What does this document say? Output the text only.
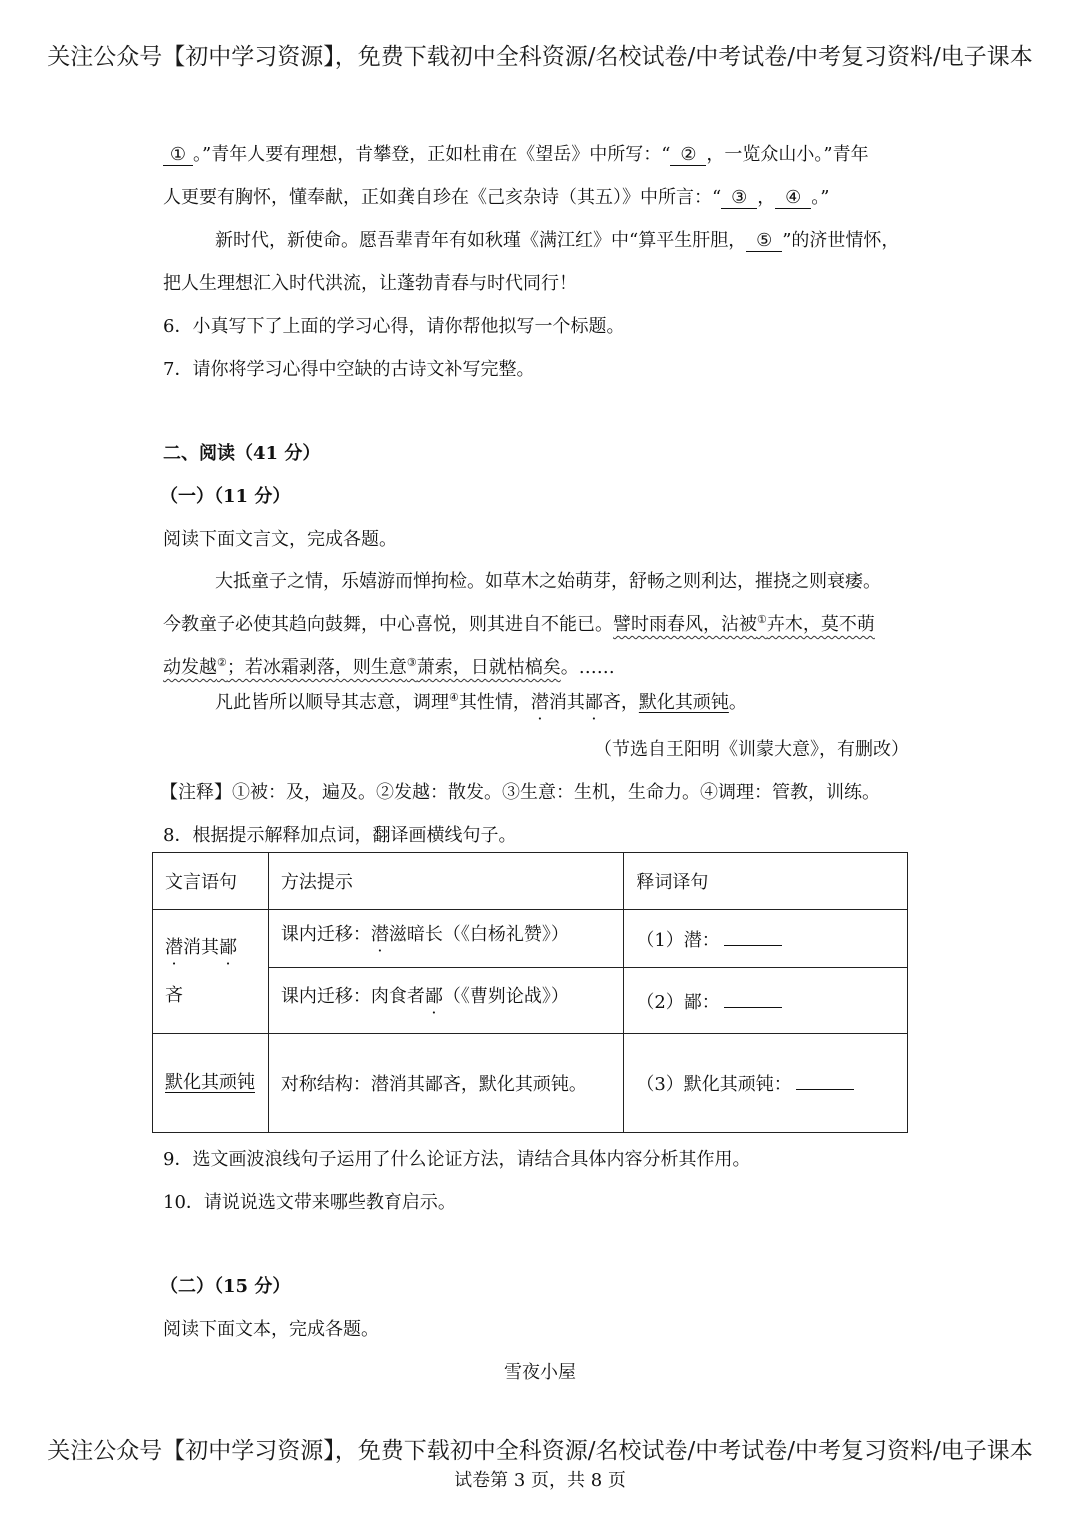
关注公众号【初中学习资源】，免费下载初中全科资源/名校试卷/中考试卷/中考复习资料/电子课本
① 。”青年人要有理想，肯攀登，正如杜甫在《望岳》中所写：“ ② ，一览众山小。”青年
人更要有胸怀，懂奉献，正如龚自珍在《己亥杂诗（其五）》中所言：“ ③ ， ④ 。”
新时代，新使命。愿吾辈青年有如秋瑾《满江红》中“算平生肝胆， ⑤ ”的济世情怀，
把人生理想汇入时代洪流，让蓬勃青春与时代同行！
6．小真写下了上面的学习心得，请你帮他拟写一个标题。
7．请你将学习心得中空缺的古诗文补写完整。
二、阅读（41 分）
（一）（11 分）
阅读下面文言文，完成各题。
大抵童子之情，乐嬉游而惮拘检。如草木之始萌芽，舒畅之则利达，摧挠之则衰痿。
今教童子必使其趋向鼓舞，中心喜悦，则其进自不能已。譬时雨春风，沾被①卉木，莫不萌
动发越②；若冰霜剥落，则生意③萧索，日就枯槁矣。……
凡此皆所以顺导其志意，调理④其性情，潜消其鄙吝，默化其顽钝。
（节选自王阳明《训蒙大意》，有删改）
【注释】①被：及，遍及。②发越：散发。③生意：生机，生命力。④调理：管教，训练。
8．根据提示解释加点词，翻译画横线句子。
文言语句	方法提示	释词译句
潜消其鄙
吝	课内迁移：潜滋暗长（《白杨礼赞》）	（1）潜：
	课内迁移：肉食者鄙（《曹刿论战》）	（2）鄙：
默化其顽钝	对称结构：潜消其鄙吝，默化其顽钝。	（3）默化其顽钝：
9．选文画波浪线句子运用了什么论证方法，请结合具体内容分析其作用。
10．请说说选文带来哪些教育启示。
（二）（15 分）
阅读下面文本，完成各题。
雪夜小屋
关注公众号【初中学习资源】，免费下载初中全科资源/名校试卷/中考试卷/中考复习资料/电子课本
试卷第 3 页，共 8 页
